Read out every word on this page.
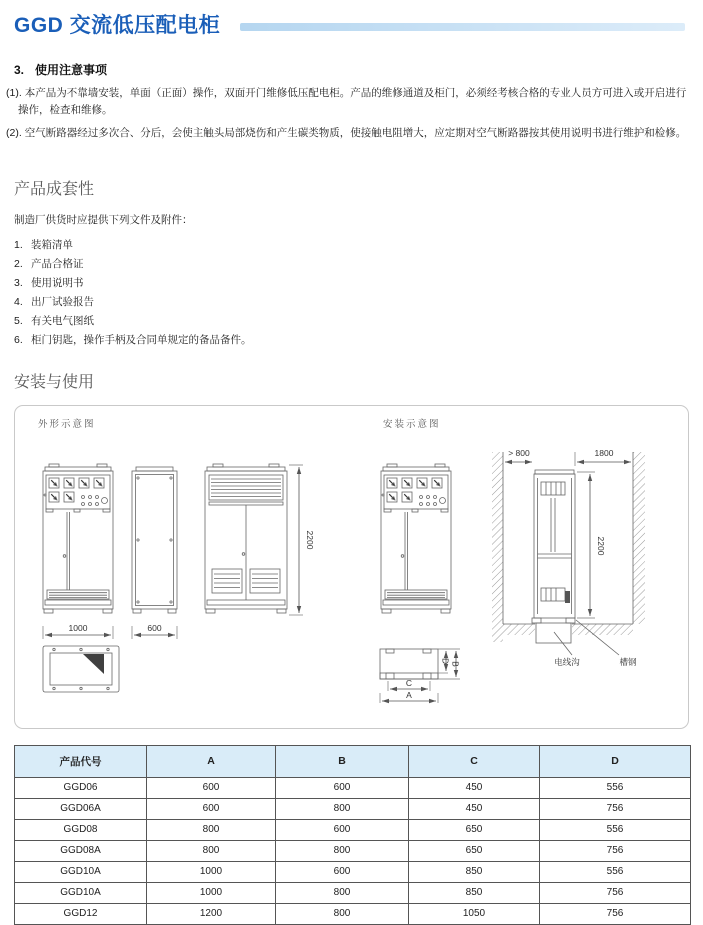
GGD 交流低压配电柜
3. 使用注意事项

(1). 本产品为不靠墙安装，单面（正面）操作，双面开门维修低压配电柜。产品的维修通道及柜门，必须经考核合格的专业人员方可进入或开启进行操作，检查和维修。

(2). 空气断路器经过多次合、分后，会使主触头局部烧伤和产生碳类物质，使接触电阻增大，应定期对空气断路器按其使用说明书进行维护和检修。

产品成套性

制造厂供货时应提供下列文件及附件：

1. 装箱清单
2. 产品合格证
3. 使用说明书
4. 出厂试验报告
5. 有关电气图纸
6. 柜门钥匙，操作手柄及合同单规定的备品备件。
安装与使用
外形示意图
2200
1000	600
安装示意图
电线沟	槽钢
> 800	1800
2200
D B
C
A
产品代号	A	B	C	D
GGD06	600	600	450	556
GGD06A	600	800	450	756
GGD08	800	600	650	556
GGD08A	800	800	650	756
GGD10A	1000	600	850	556
GGD10A	1000	800	850	756
GGD12	1200	800	1050	756
